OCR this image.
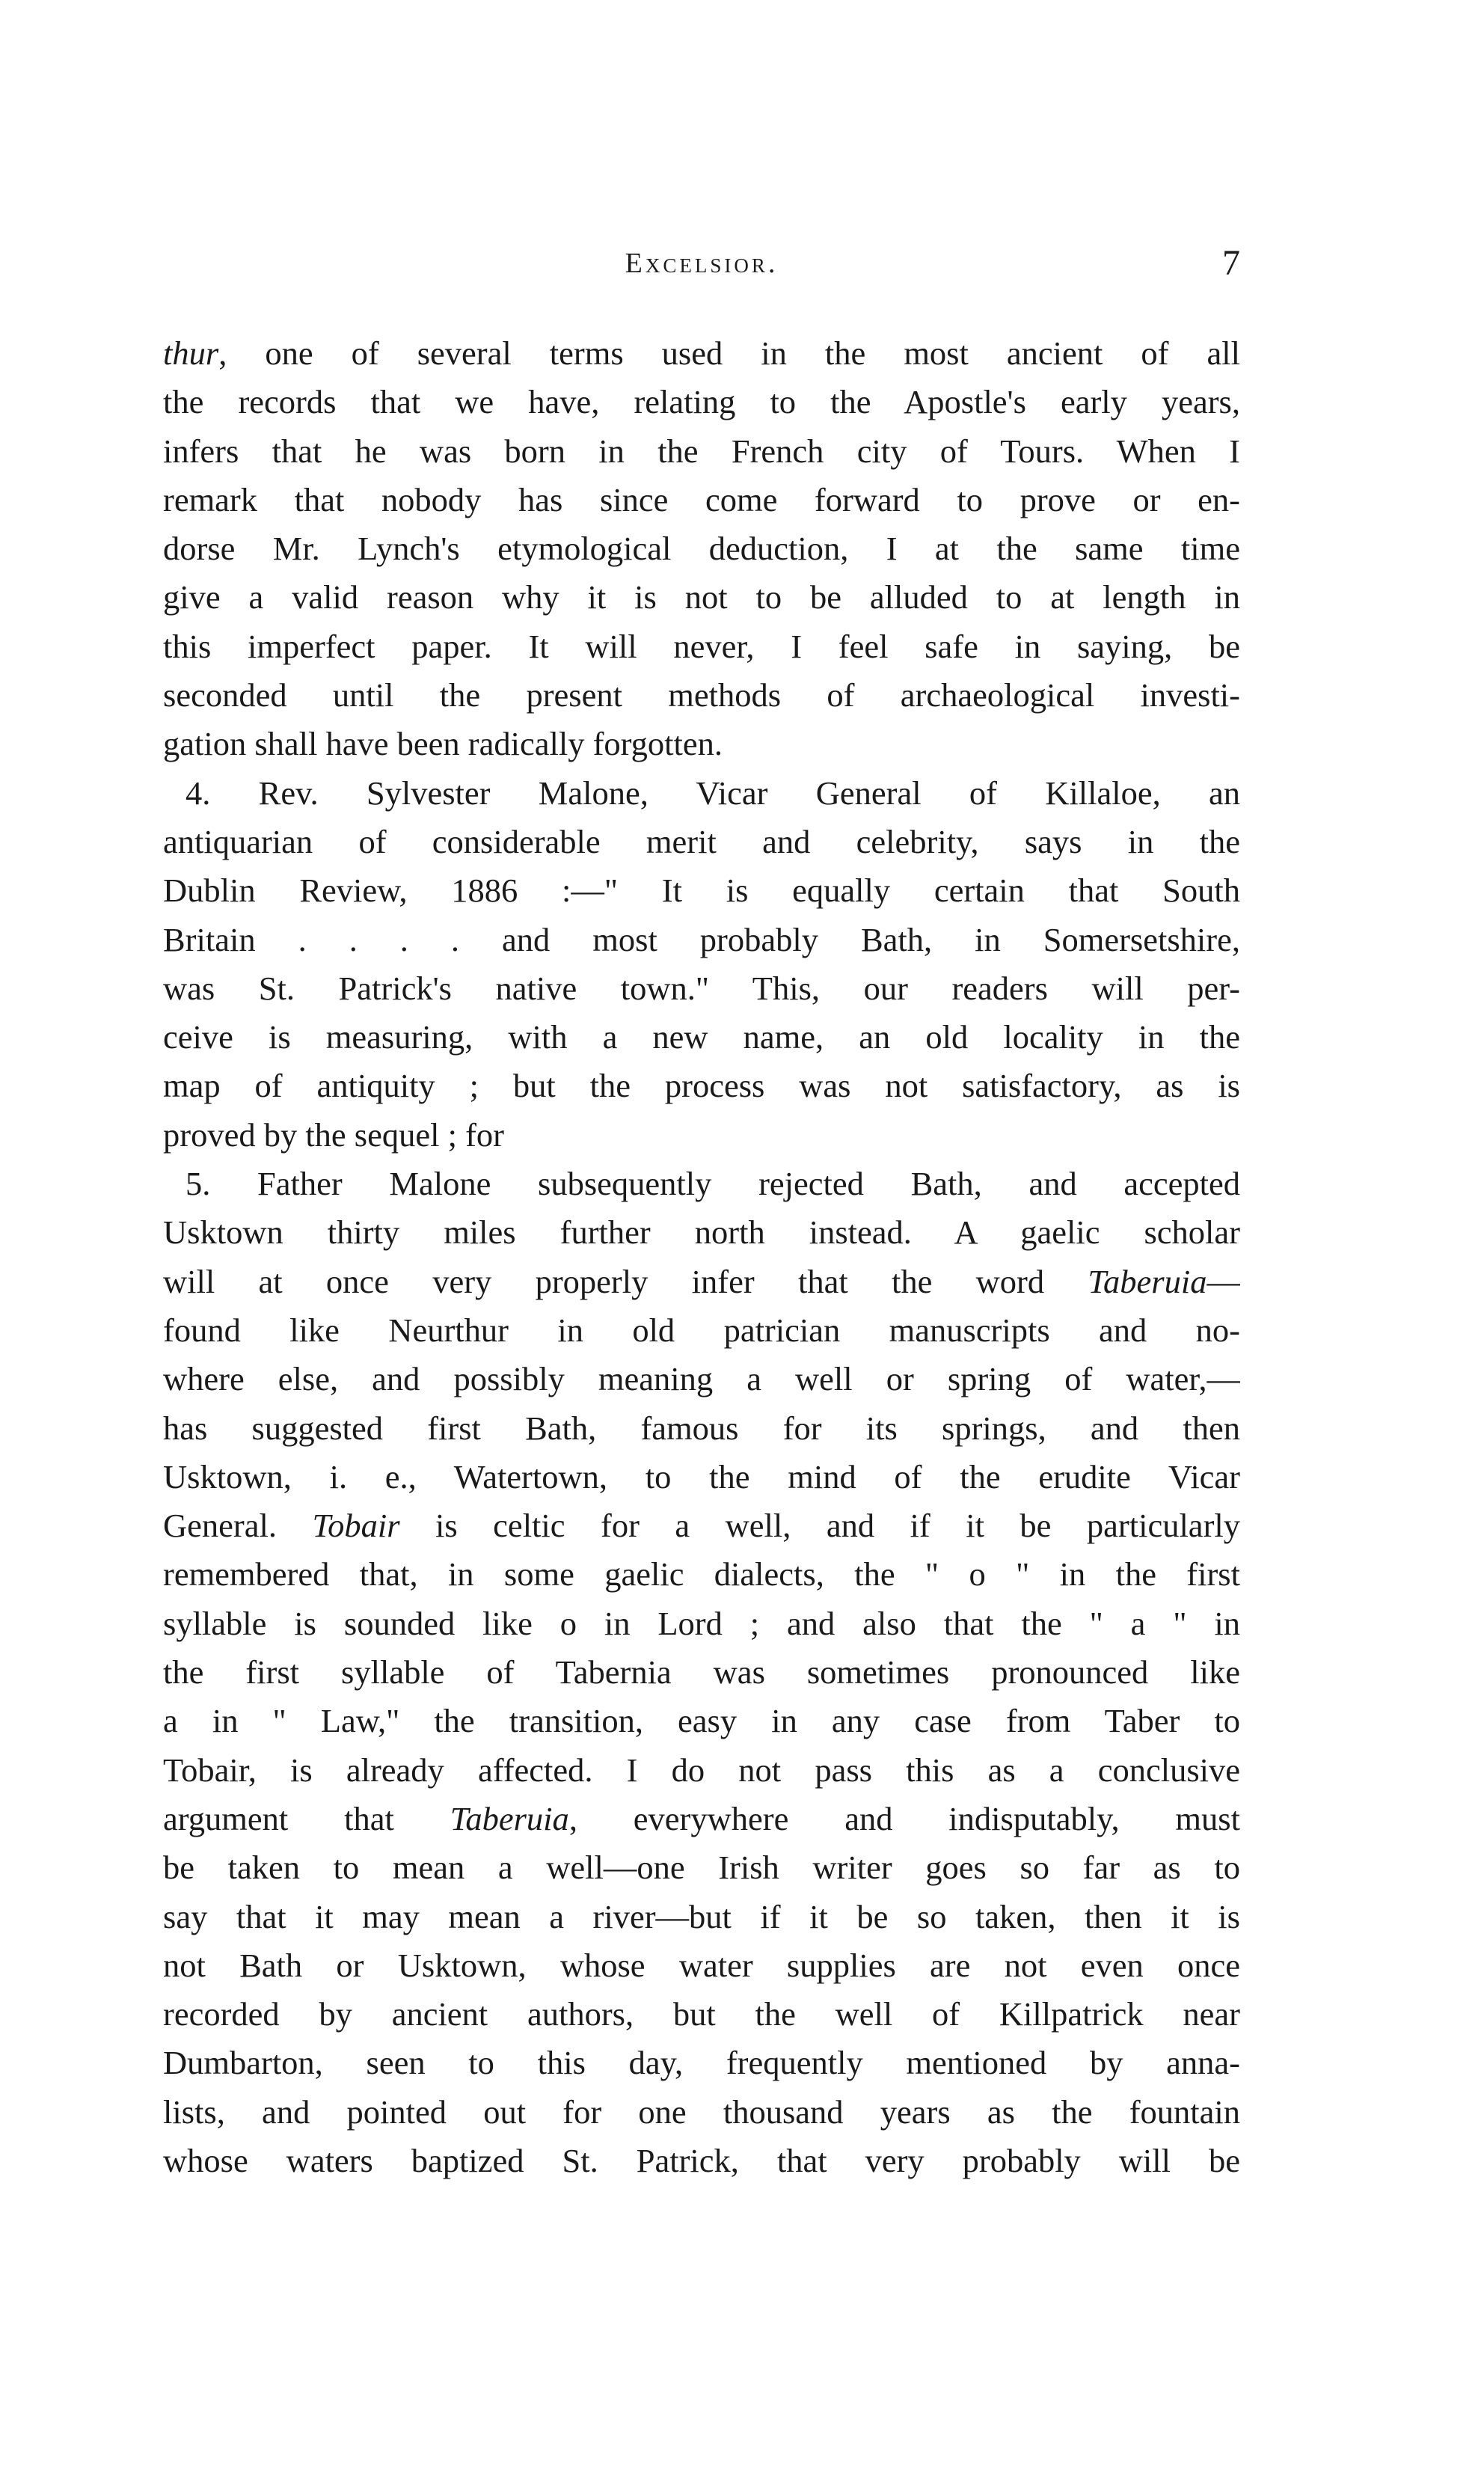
Excelsior.	7
thur, one of several terms used in the most ancient of all
the records that we have, relating to the Apostle's early years,
infers that he was born in the French city of Tours. When I
remark that nobody has since come forward to prove or en-
dorse Mr. Lynch's etymological deduction, I at the same time
give a valid reason why it is not to be alluded to at length in
this imperfect paper. It will never, I feel safe in saying, be
seconded until the present methods of archaeological investi-
gation shall have been radically forgotten.
4. Rev. Sylvester Malone, Vicar General of Killaloe, an
antiquarian of considerable merit and celebrity, says in the
Dublin Review, 1886 :—" It is equally certain that South
Britain . . . . and most probably Bath, in Somersetshire,
was St. Patrick's native town." This, our readers will per-
ceive is measuring, with a new name, an old locality in the
map of antiquity ; but the process was not satisfactory, as is
proved by the sequel ; for
5. Father Malone subsequently rejected Bath, and accepted
Usktown thirty miles further north instead. A gaelic scholar
will at once very properly infer that the word Taberuia—
found like Neurthur in old patrician manuscripts and no-
where else, and possibly meaning a well or spring of water,—
has suggested first Bath, famous for its springs, and then
Usktown, i. e., Watertown, to the mind of the erudite Vicar
General. Tobair is celtic for a well, and if it be particularly
remembered that, in some gaelic dialects, the " o " in the first
syllable is sounded like o in Lord ; and also that the " a " in
the first syllable of Tabernia was sometimes pronounced like
a in " Law," the transition, easy in any case from Taber to
Tobair, is already affected. I do not pass this as a conclusive
argument that Taberuia, everywhere and indisputably, must
be taken to mean a well—one Irish writer goes so far as to
say that it may mean a river—but if it be so taken, then it is
not Bath or Usktown, whose water supplies are not even once
recorded by ancient authors, but the well of Killpatrick near
Dumbarton, seen to this day, frequently mentioned by anna-
lists, and pointed out for one thousand years as the fountain
whose waters baptized St. Patrick, that very probably will be
